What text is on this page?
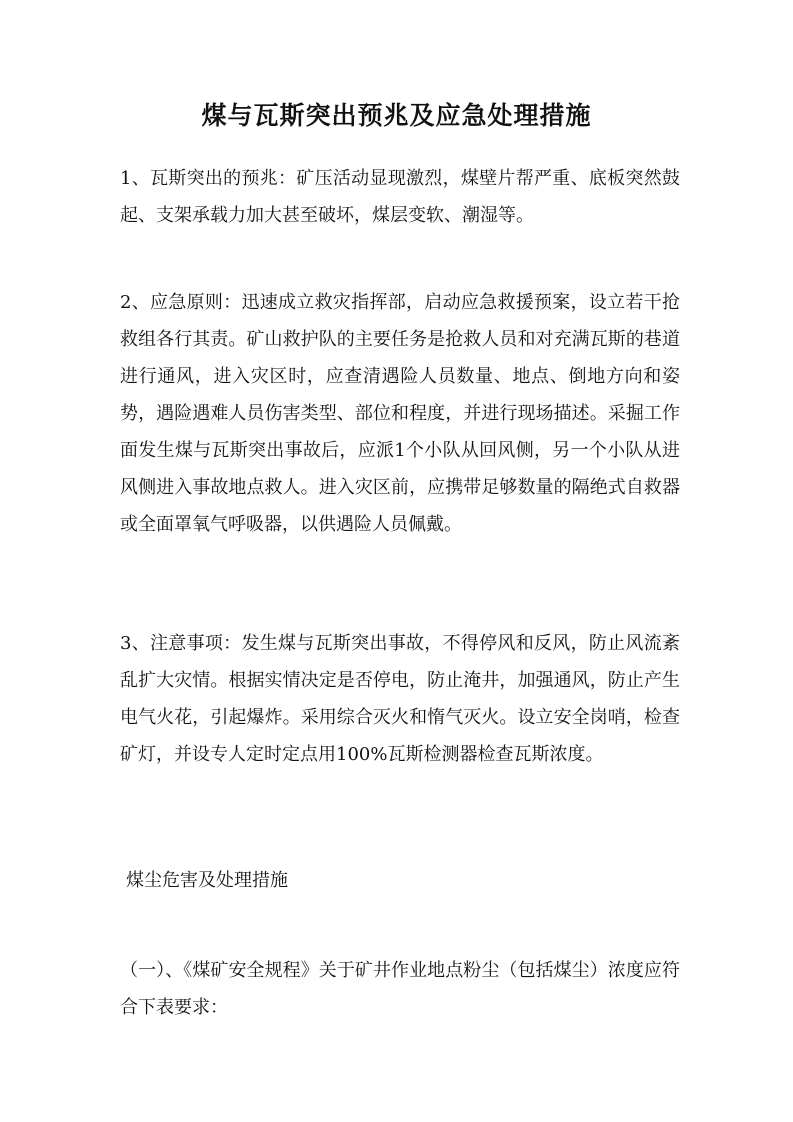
煤与瓦斯突出预兆及应急处理措施

1、瓦斯突出的预兆：矿压活动显现激烈，煤壁片帮严重、底板突然鼓起、支架承载力加大甚至破坏，煤层变软、潮湿等。

2、应急原则：迅速成立救灾指挥部，启动应急救援预案，设立若干抢救组各行其责。矿山救护队的主要任务是抢救人员和对充满瓦斯的巷道进行通风，进入灾区时，应查清遇险人员数量、地点、倒地方向和姿势，遇险遇难人员伤害类型、部位和程度，并进行现场描述。采掘工作面发生煤与瓦斯突出事故后，应派1个小队从回风侧，另一个小队从进风侧进入事故地点救人。进入灾区前，应携带足够数量的隔绝式自救器或全面罩氧气呼吸器，以供遇险人员佩戴。

3、注意事项：发生煤与瓦斯突出事故，不得停风和反风，防止风流紊乱扩大灾情。根据实情决定是否停电，防止淹井，加强通风，防止产生电气火花，引起爆炸。采用综合灭火和惰气灭火。设立安全岗哨，检查矿灯，并设专人定时定点用100%瓦斯检测器检查瓦斯浓度。

煤尘危害及处理措施

（一）、《煤矿安全规程》关于矿井作业地点粉尘（包括煤尘）浓度应符合下表要求：
